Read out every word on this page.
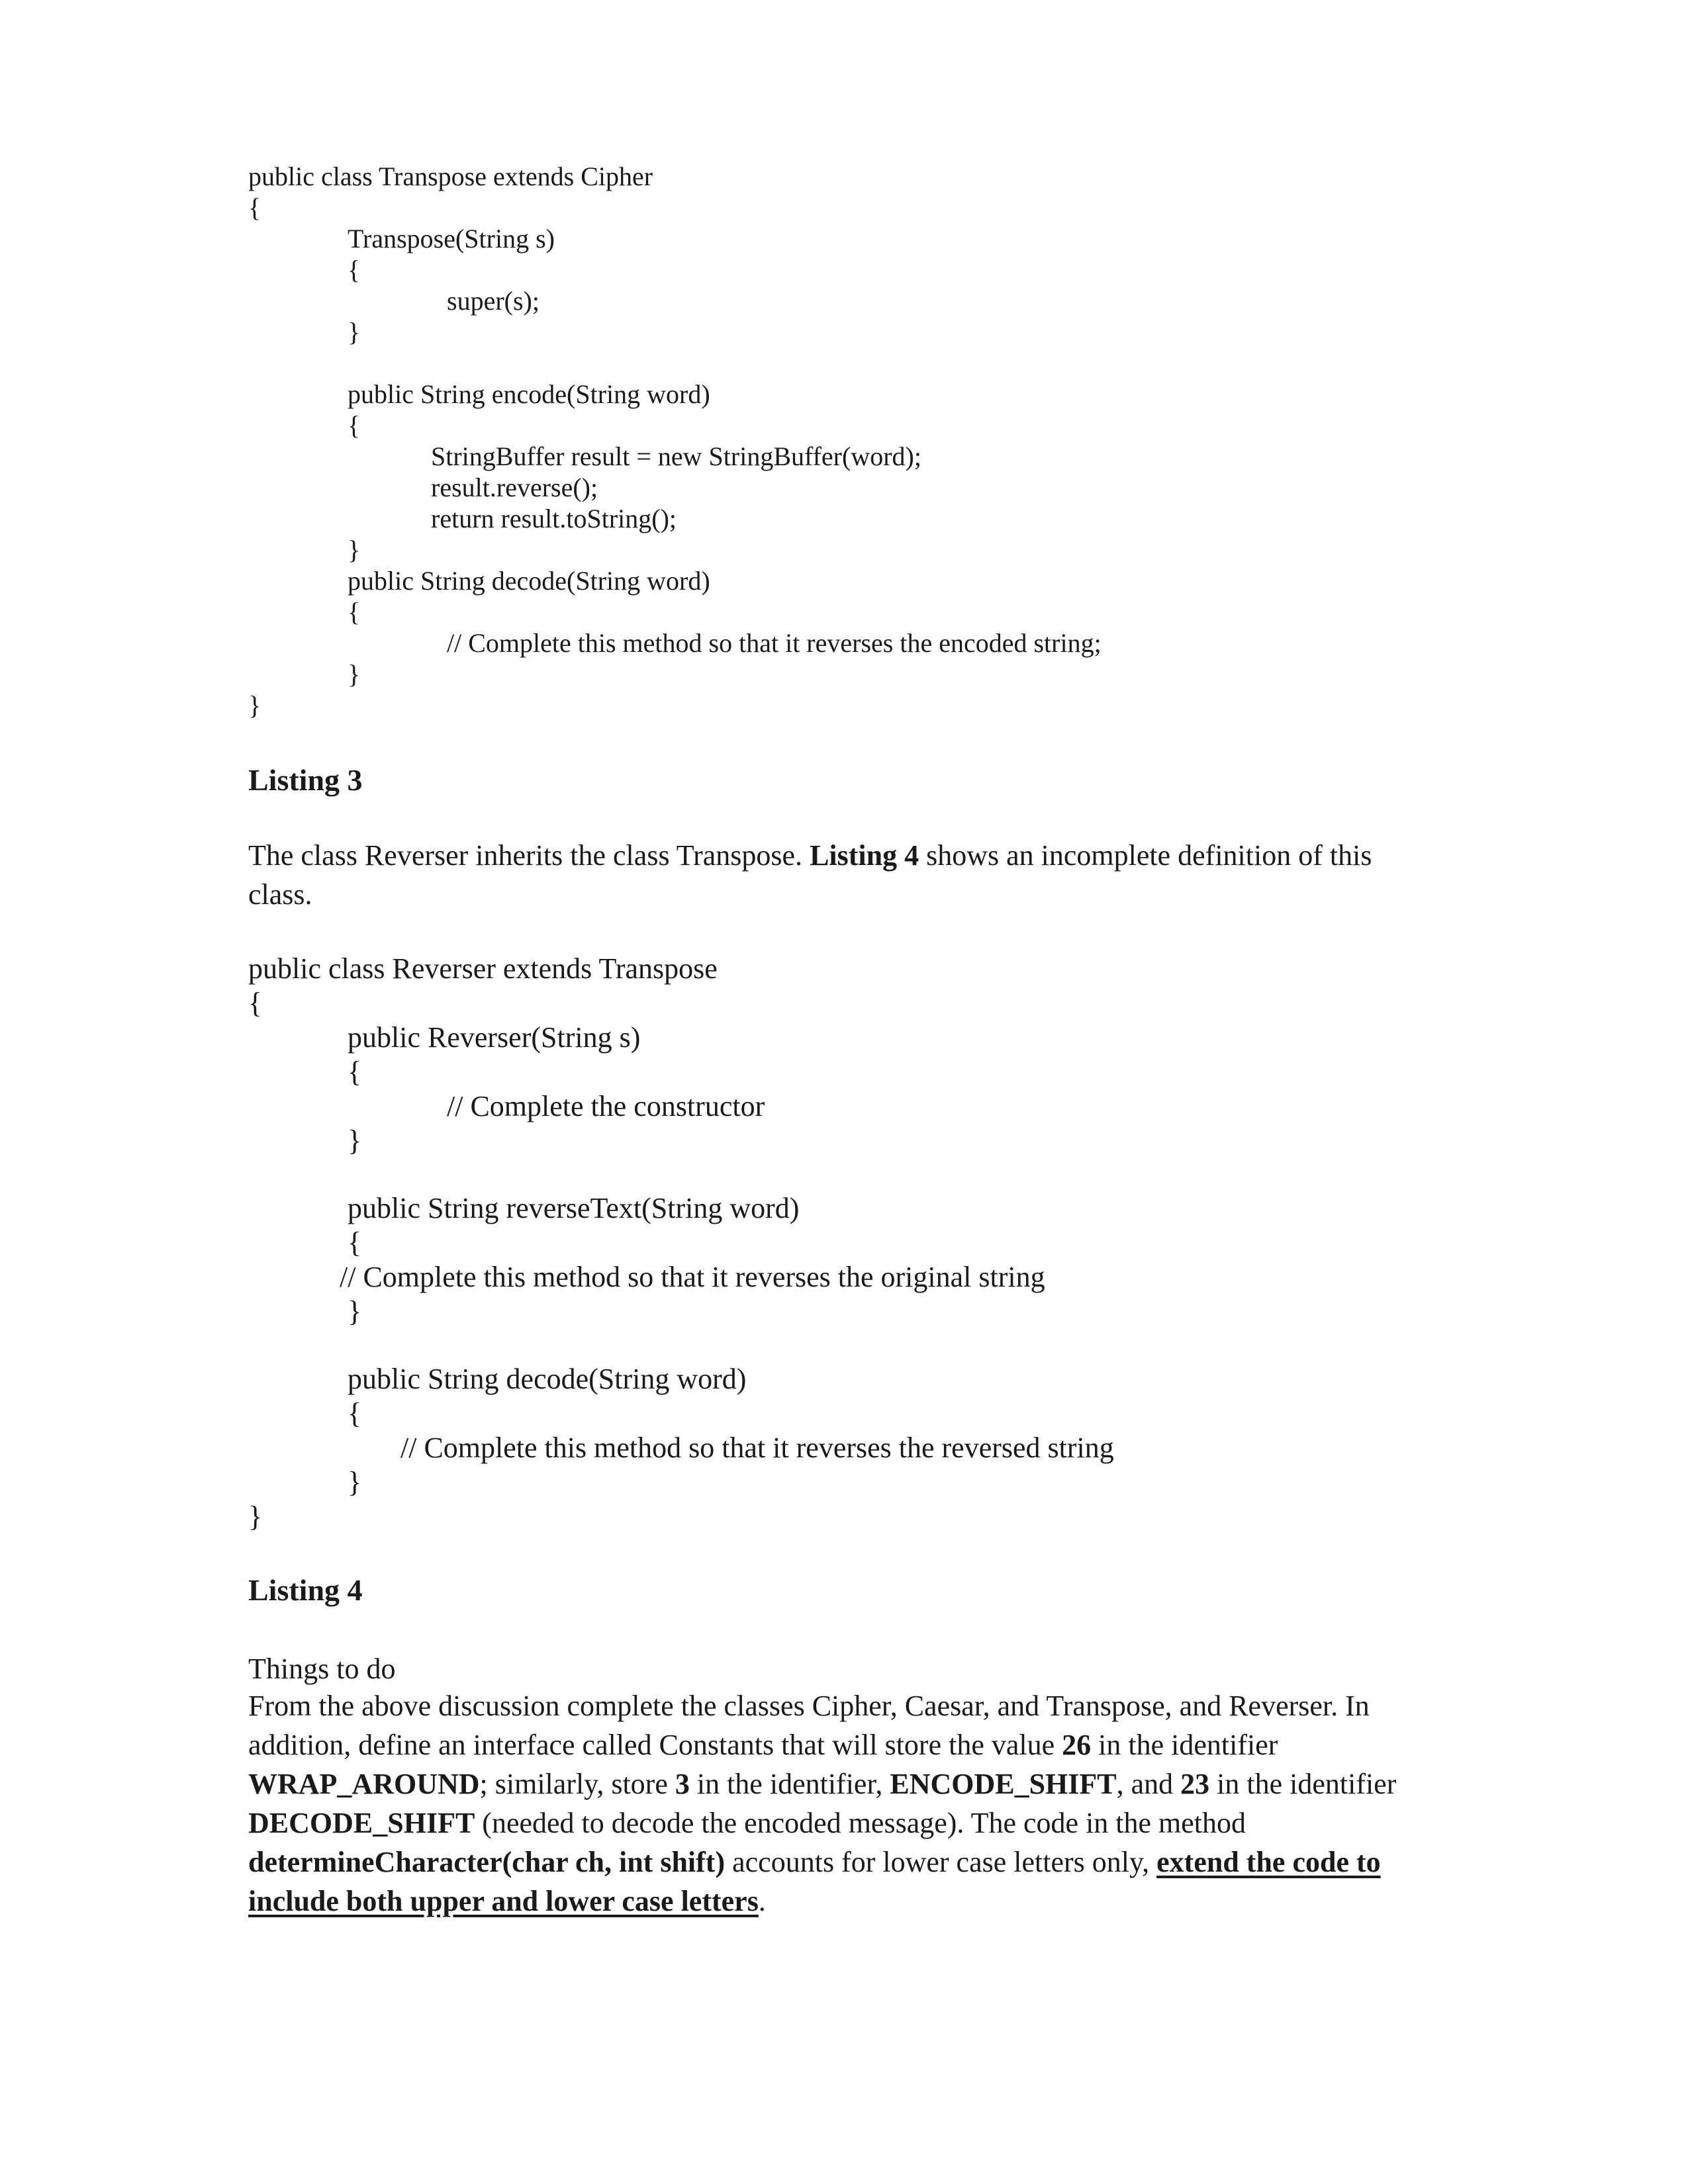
public class Transpose extends Cipher
{
Transpose(String s)
{
super(s);
}
public String encode(String word)
{
StringBuffer result = new StringBuffer(word);
result.reverse();
return result.toString();
}
public String decode(String word)
{
// Complete this method so that it reverses the encoded string;
}
}
Listing 3
The class Reverser inherits the class Transpose. Listing 4 shows an incomplete definition of this class.
public class Reverser extends Transpose
{
public Reverser(String s)
{
// Complete the constructor
}
public String reverseText(String word)
{
// Complete this method so that it reverses the original string
}
public String decode(String word)
{
// Complete this method so that it reverses the reversed string
}
}
Listing 4
Things to do
From the above discussion complete the classes Cipher, Caesar, and Transpose, and Reverser. In addition, define an interface called Constants that will store the value 26 in the identifier WRAP_AROUND; similarly, store 3 in the identifier, ENCODE_SHIFT, and 23 in the identifier DECODE_SHIFT (needed to decode the encoded message). The code in the method determineCharacter(char ch, int shift) accounts for lower case letters only, extend the code to include both upper and lower case letters.
